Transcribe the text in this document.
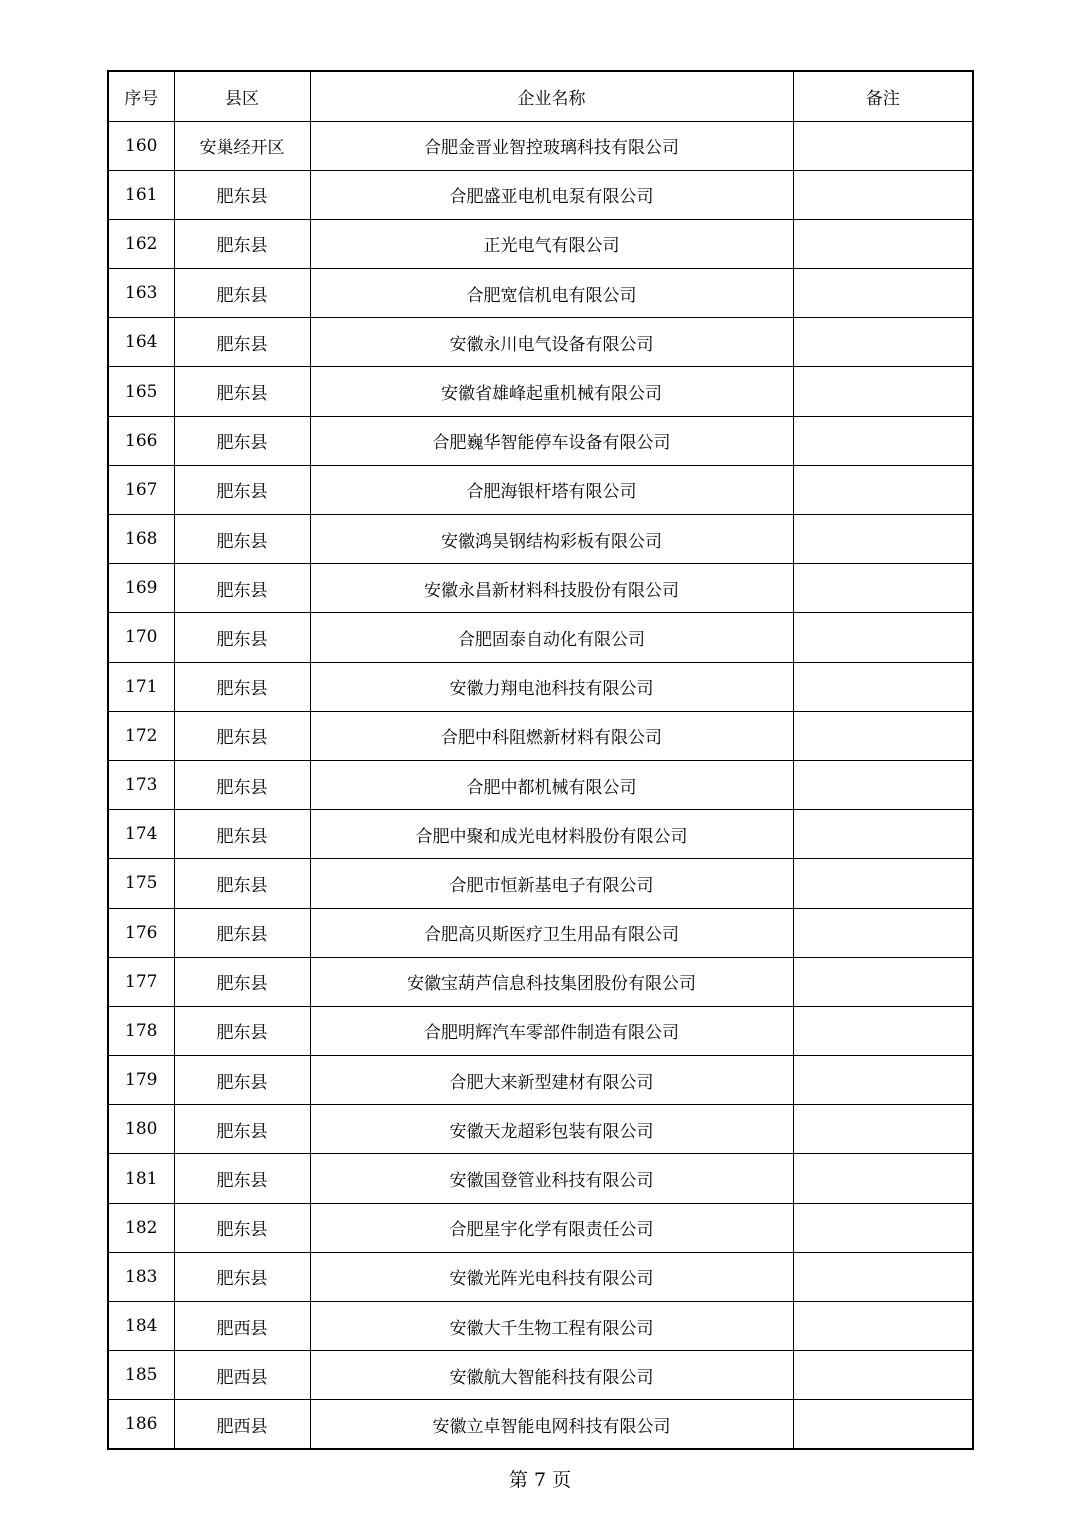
序号	县区	企业名称	备注
160	安巢经开区	合肥金晋业智控玻璃科技有限公司	
161	肥东县	合肥盛亚电机电泵有限公司	
162	肥东县	正光电气有限公司	
163	肥东县	合肥宽信机电有限公司	
164	肥东县	安徽永川电气设备有限公司	
165	肥东县	安徽省雄峰起重机械有限公司	
166	肥东县	合肥巍华智能停车设备有限公司	
167	肥东县	合肥海银杆塔有限公司	
168	肥东县	安徽鸿昊钢结构彩板有限公司	
169	肥东县	安徽永昌新材料科技股份有限公司	
170	肥东县	合肥固泰自动化有限公司	
171	肥东县	安徽力翔电池科技有限公司	
172	肥东县	合肥中科阻燃新材料有限公司	
173	肥东县	合肥中都机械有限公司	
174	肥东县	合肥中聚和成光电材料股份有限公司	
175	肥东县	合肥市恒新基电子有限公司	
176	肥东县	合肥高贝斯医疗卫生用品有限公司	
177	肥东县	安徽宝葫芦信息科技集团股份有限公司	
178	肥东县	合肥明辉汽车零部件制造有限公司	
179	肥东县	合肥大来新型建材有限公司	
180	肥东县	安徽天龙超彩包装有限公司	
181	肥东县	安徽国登管业科技有限公司	
182	肥东县	合肥星宇化学有限责任公司	
183	肥东县	安徽光阵光电科技有限公司	
184	肥西县	安徽大千生物工程有限公司	
185	肥西县	安徽航大智能科技有限公司	
186	肥西县	安徽立卓智能电网科技有限公司	
第 7 页
